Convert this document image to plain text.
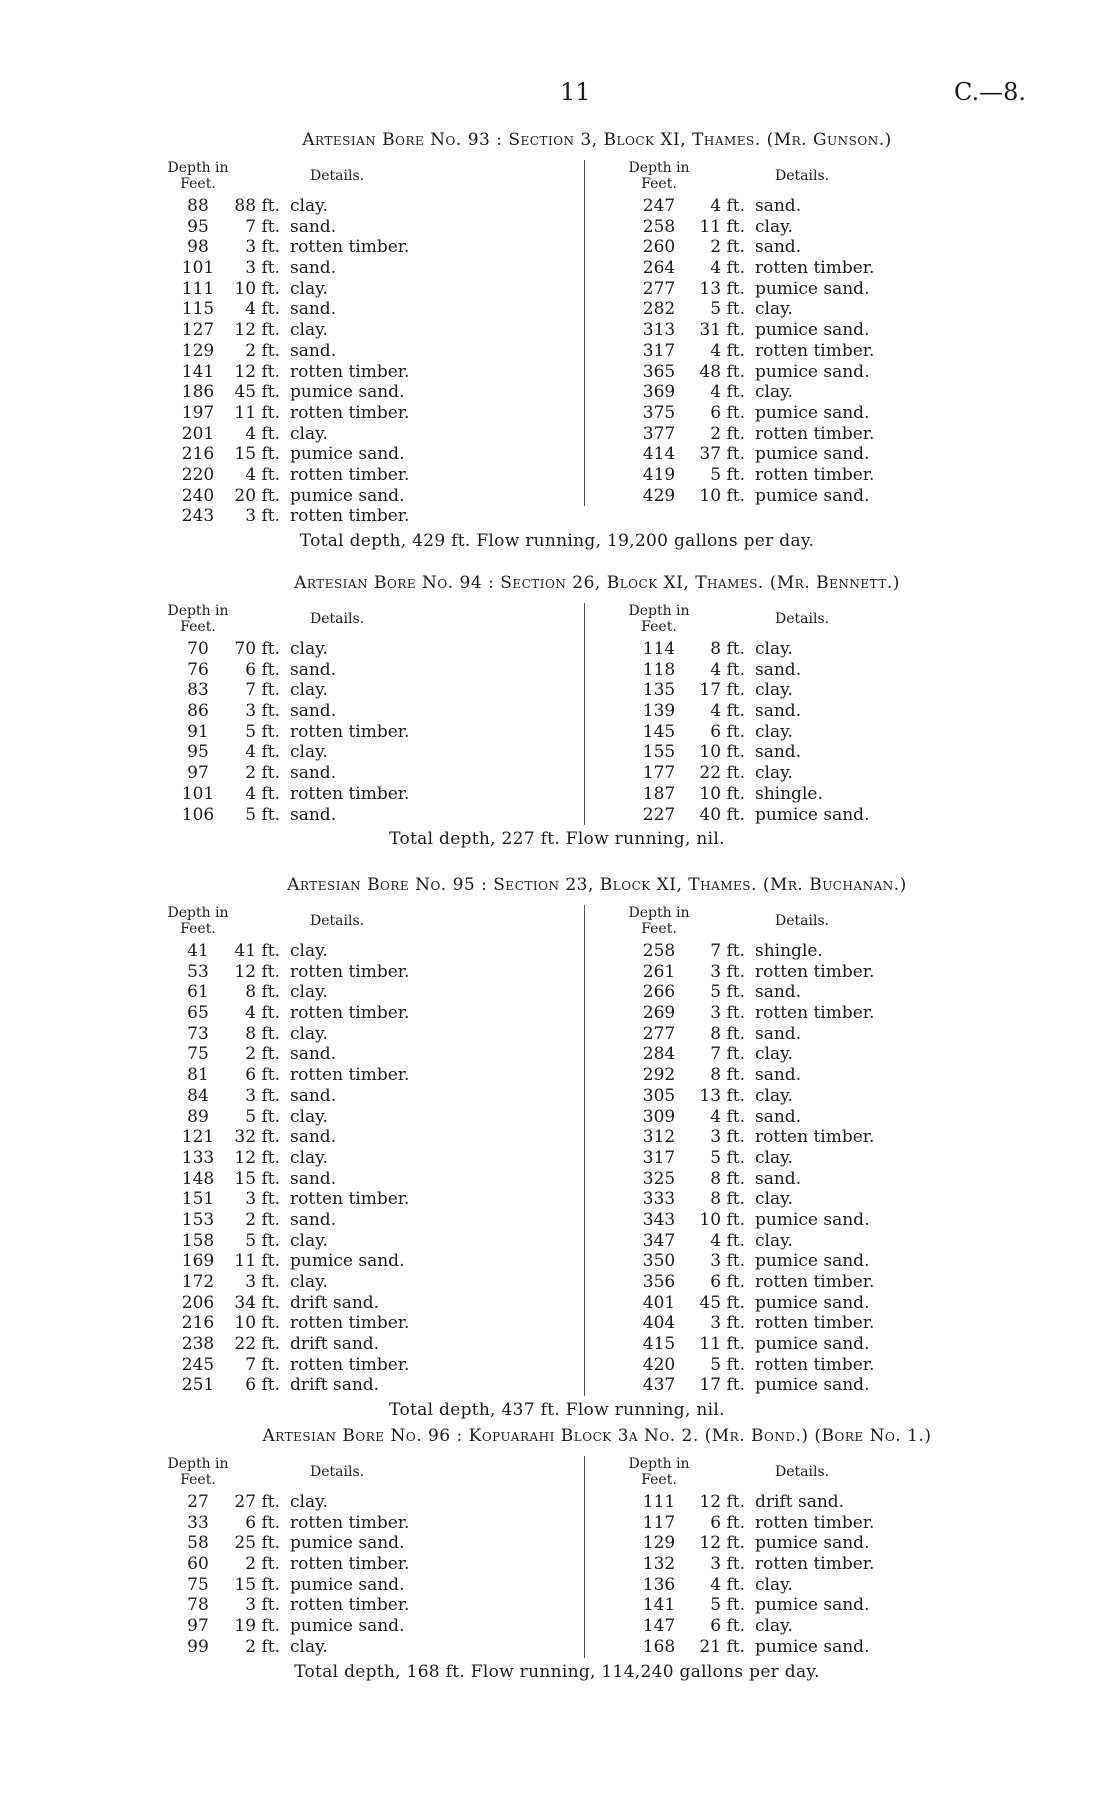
11	C.—8.
Artesian Bore No. 93 : Section 3, Block XI, Thames. (Mr. Gunson.)
Depth in Feet.	Details.
88	88 ft. clay.
95	7 ft. sand.
98	3 ft. rotten timber.
101	3 ft. sand.
111	10 ft. clay.
115	4 ft. sand.
127	12 ft. clay.
129	2 ft. sand.
141	12 ft. rotten timber.
186	45 ft. pumice sand.
197	11 ft. rotten timber.
201	4 ft. clay.
216	15 ft. pumice sand.
220	4 ft. rotten timber.
240	20 ft. pumice sand.
243	3 ft. rotten timber.
Depth in Feet.	Details.
247	4 ft. sand.
258	11 ft. clay.
260	2 ft. sand.
264	4 ft. rotten timber.
277	13 ft. pumice sand.
282	5 ft. clay.
313	31 ft. pumice sand.
317	4 ft. rotten timber.
365	48 ft. pumice sand.
369	4 ft. clay.
375	6 ft. pumice sand.
377	2 ft. rotten timber.
414	37 ft. pumice sand.
419	5 ft. rotten timber.
429	10 ft. pumice sand.
Total depth, 429 ft. Flow running, 19,200 gallons per day.
Artesian Bore No. 94 : Section 26, Block XI, Thames. (Mr. Bennett.)
Depth in Feet.	Details.
70	70 ft. clay.
76	6 ft. sand.
83	7 ft. clay.
86	3 ft. sand.
91	5 ft. rotten timber.
95	4 ft. clay.
97	2 ft. sand.
101	4 ft. rotten timber.
106	5 ft. sand.
Depth in Feet.	Details.
114	8 ft. clay.
118	4 ft. sand.
135	17 ft. clay.
139	4 ft. sand.
145	6 ft. clay.
155	10 ft. sand.
177	22 ft. clay.
187	10 ft. shingle.
227	40 ft. pumice sand.
Total depth, 227 ft. Flow running, nil.
Artesian Bore No. 95 : Section 23, Block XI, Thames. (Mr. Buchanan.)
Depth in Feet.	Details.
41	41 ft. clay.
53	12 ft. rotten timber.
61	8 ft. clay.
65	4 ft. rotten timber.
73	8 ft. clay.
75	2 ft. sand.
81	6 ft. rotten timber.
84	3 ft. sand.
89	5 ft. clay.
121	32 ft. sand.
133	12 ft. clay.
148	15 ft. sand.
151	3 ft. rotten timber.
153	2 ft. sand.
158	5 ft. clay.
169	11 ft. pumice sand.
172	3 ft. clay.
206	34 ft. drift sand.
216	10 ft. rotten timber.
238	22 ft. drift sand.
245	7 ft. rotten timber.
251	6 ft. drift sand.
Depth in Feet.	Details.
258	7 ft. shingle.
261	3 ft. rotten timber.
266	5 ft. sand.
269	3 ft. rotten timber.
277	8 ft. sand.
284	7 ft. clay.
292	8 ft. sand.
305	13 ft. clay.
309	4 ft. sand.
312	3 ft. rotten timber.
317	5 ft. clay.
325	8 ft. sand.
333	8 ft. clay.
343	10 ft. pumice sand.
347	4 ft. clay.
350	3 ft. pumice sand.
356	6 ft. rotten timber.
401	45 ft. pumice sand.
404	3 ft. rotten timber.
415	11 ft. pumice sand.
420	5 ft. rotten timber.
437	17 ft. pumice sand.
Total depth, 437 ft. Flow running, nil.
Artesian Bore No. 96 : Kopuarahi Block 3a No. 2. (Mr. Bond.) (Bore No. 1.)
Depth in Feet.	Details.
27	27 ft. clay.
33	6 ft. rotten timber.
58	25 ft. pumice sand.
60	2 ft. rotten timber.
75	15 ft. pumice sand.
78	3 ft. rotten timber.
97	19 ft. pumice sand.
99	2 ft. clay.
Depth in Feet.	Details.
111	12 ft. drift sand.
117	6 ft. rotten timber.
129	12 ft. pumice sand.
132	3 ft. rotten timber.
136	4 ft. clay.
141	5 ft. pumice sand.
147	6 ft. clay.
168	21 ft. pumice sand.
Total depth, 168 ft. Flow running, 114,240 gallons per day.
